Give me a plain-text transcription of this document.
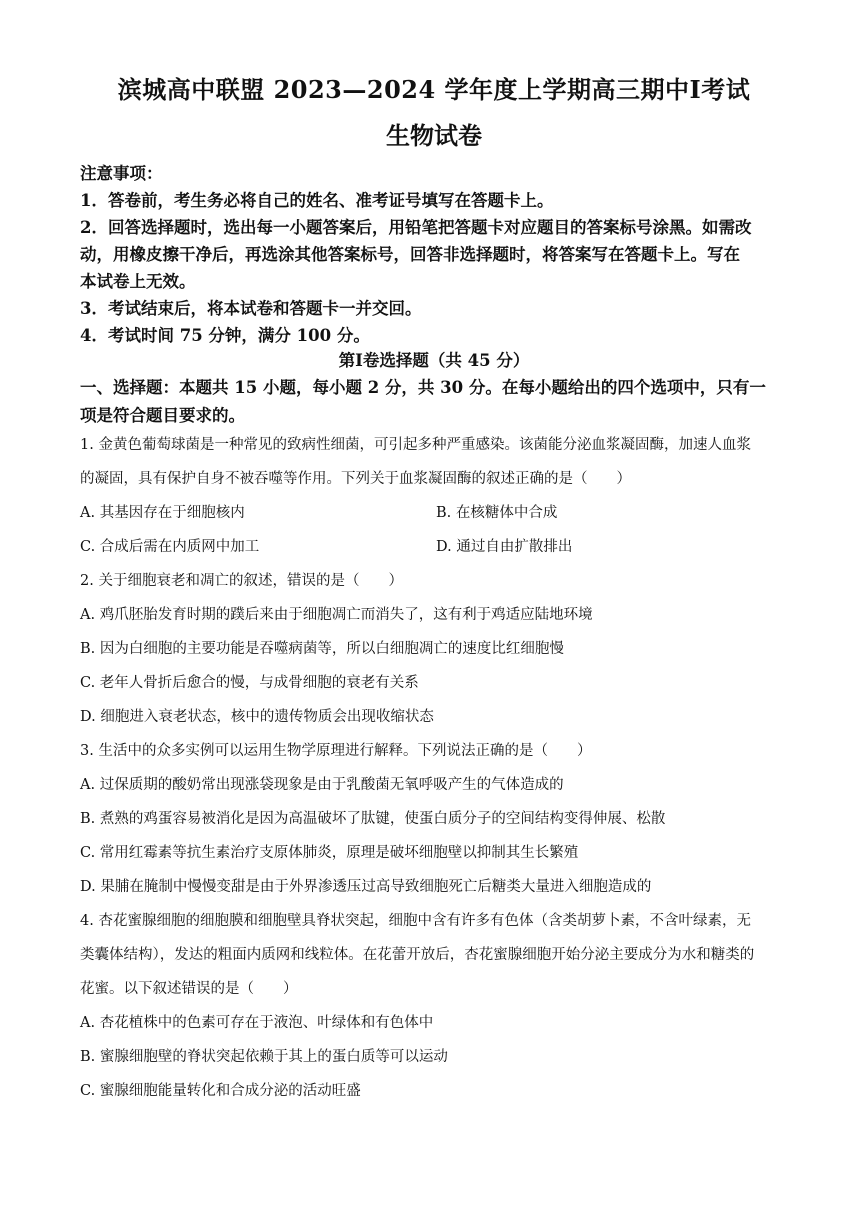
滨城高中联盟 2023—2024 学年度上学期高三期中Ⅰ考试
生物试卷
注意事项：
1．答卷前，考生务必将自己的姓名、准考证号填写在答题卡上。
2．回答选择题时，选出每一小题答案后，用铅笔把答题卡对应题目的答案标号涂黑。如需改
动，用橡皮擦干净后，再选涂其他答案标号，回答非选择题时，将答案写在答题卡上。写在
本试卷上无效。
3．考试结束后，将本试卷和答题卡一并交回。
4．考试时间 75 分钟，满分 100 分。
第Ⅰ卷选择题（共 45 分）
一、选择题：本题共 15 小题，每小题 2 分，共 30 分。在每小题给出的四个选项中，只有一
项是符合题目要求的。
1. 金黄色葡萄球菌是一种常见的致病性细菌，可引起多种严重感染。该菌能分泌血浆凝固酶，加速人血浆
的凝固，具有保护自身不被吞噬等作用。下列关于血浆凝固酶的叙述正确的是（　　）
A. 其基因存在于细胞核内	B. 在核糖体中合成
C. 合成后需在内质网中加工	D. 通过自由扩散排出
2. 关于细胞衰老和凋亡的叙述，错误的是（　　）
A. 鸡爪胚胎发育时期的蹼后来由于细胞凋亡而消失了，这有利于鸡适应陆地环境
B. 因为白细胞的主要功能是吞噬病菌等，所以白细胞凋亡的速度比红细胞慢
C. 老年人骨折后愈合的慢，与成骨细胞的衰老有关系
D. 细胞进入衰老状态，核中的遗传物质会出现收缩状态
3. 生活中的众多实例可以运用生物学原理进行解释。下列说法正确的是（　　）
A. 过保质期的酸奶常出现涨袋现象是由于乳酸菌无氧呼吸产生的气体造成的
B. 煮熟的鸡蛋容易被消化是因为高温破坏了肽键，使蛋白质分子的空间结构变得伸展、松散
C. 常用红霉素等抗生素治疗支原体肺炎，原理是破坏细胞壁以抑制其生长繁殖
D. 果脯在腌制中慢慢变甜是由于外界渗透压过高导致细胞死亡后糖类大量进入细胞造成的
4. 杏花蜜腺细胞的细胞膜和细胞壁具脊状突起，细胞中含有许多有色体（含类胡萝卜素，不含叶绿素，无
类囊体结构），发达的粗面内质网和线粒体。在花蕾开放后，杏花蜜腺细胞开始分泌主要成分为水和糖类的
花蜜。以下叙述错误的是（　　）
A. 杏花植株中的色素可存在于液泡、叶绿体和有色体中
B. 蜜腺细胞壁的脊状突起依赖于其上的蛋白质等可以运动
C. 蜜腺细胞能量转化和合成分泌的活动旺盛
